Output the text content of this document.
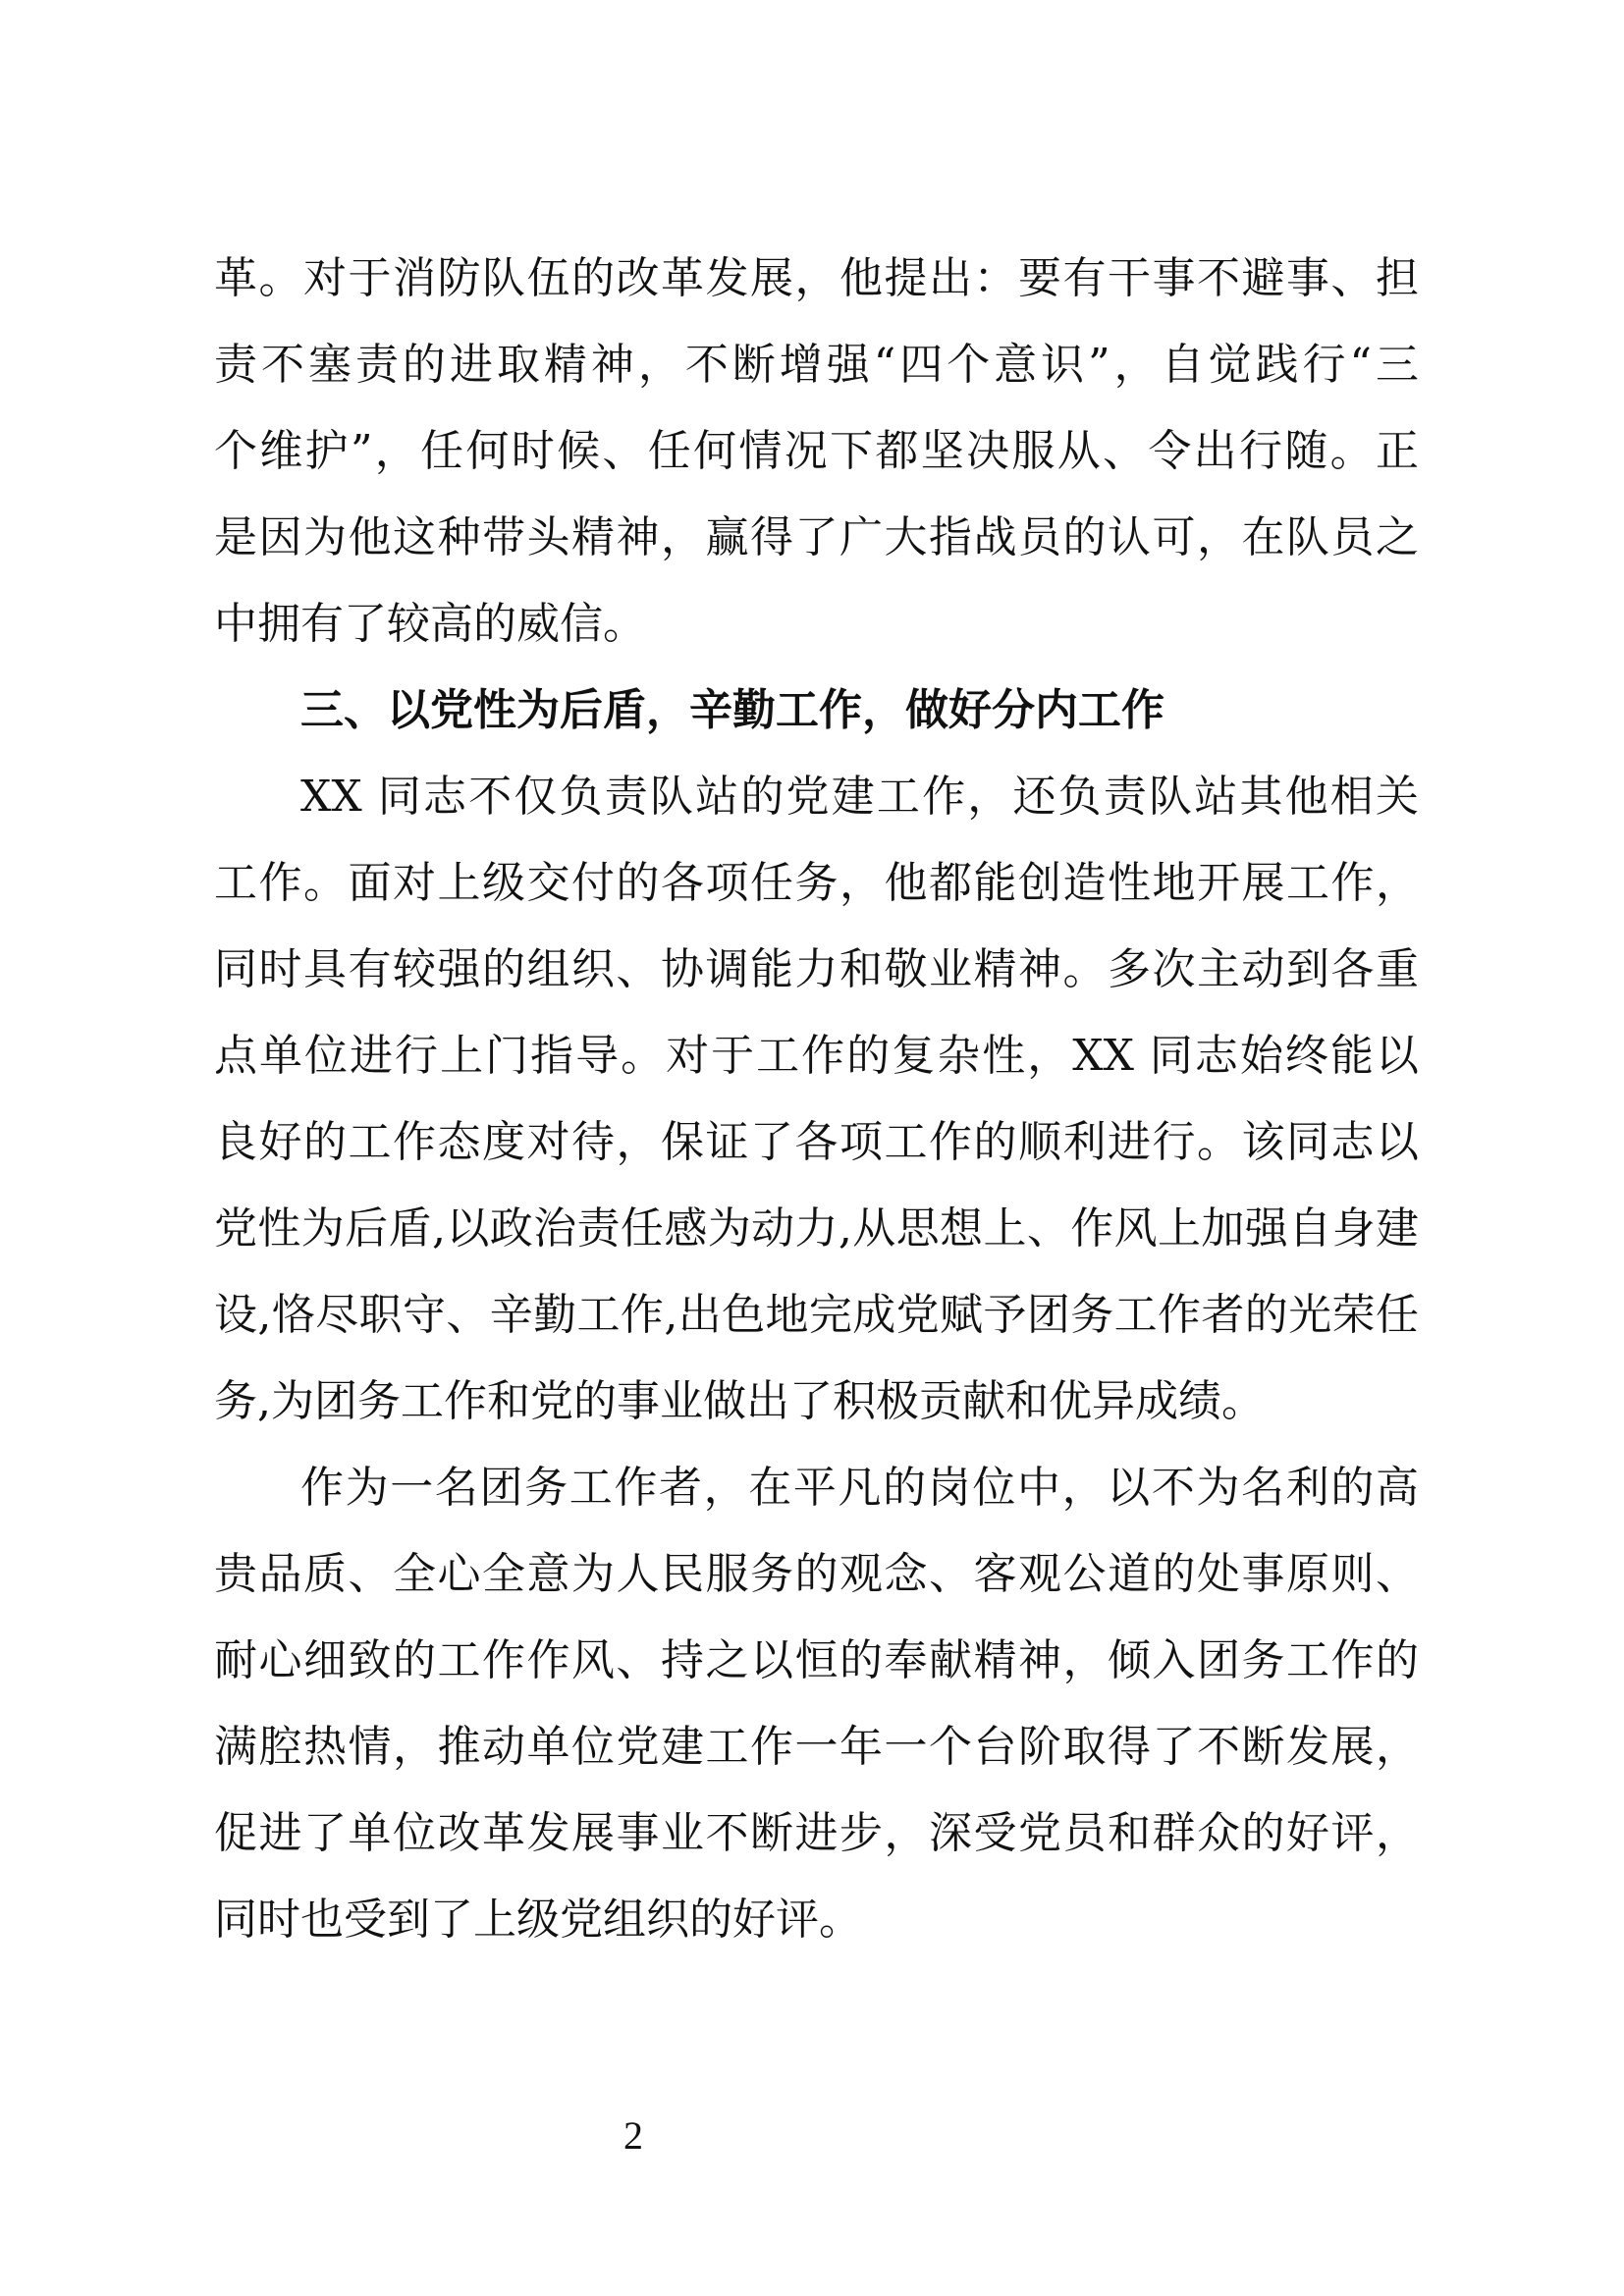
革。对于消防队伍的改革发展，他提出：要有干事不避事、担
责不塞责的进取精神，不断增强“四个意识”，自觉践行“三
个维护”，任何时候、任何情况下都坚决服从、令出行随。正
是因为他这种带头精神，赢得了广大指战员的认可，在队员之
中拥有了较高的威信。
三、以党性为后盾，辛勤工作，做好分内工作
XX 同志不仅负责队站的党建工作，还负责队站其他相关
工作。面对上级交付的各项任务，他都能创造性地开展工作，
同时具有较强的组织、协调能力和敬业精神。多次主动到各重
点单位进行上门指导。对于工作的复杂性，XX 同志始终能以
良好的工作态度对待，保证了各项工作的顺利进行。该同志以
党性为后盾,以政治责任感为动力,从思想上、作风上加强自身建
设,恪尽职守、辛勤工作,出色地完成党赋予团务工作者的光荣任
务,为团务工作和党的事业做出了积极贡献和优异成绩。
作为一名团务工作者，在平凡的岗位中，以不为名利的高
贵品质、全心全意为人民服务的观念、客观公道的处事原则、
耐心细致的工作作风、持之以恒的奉献精神，倾入团务工作的
满腔热情，推动单位党建工作一年一个台阶取得了不断发展，
促进了单位改革发展事业不断进步，深受党员和群众的好评，
同时也受到了上级党组织的好评。
2
